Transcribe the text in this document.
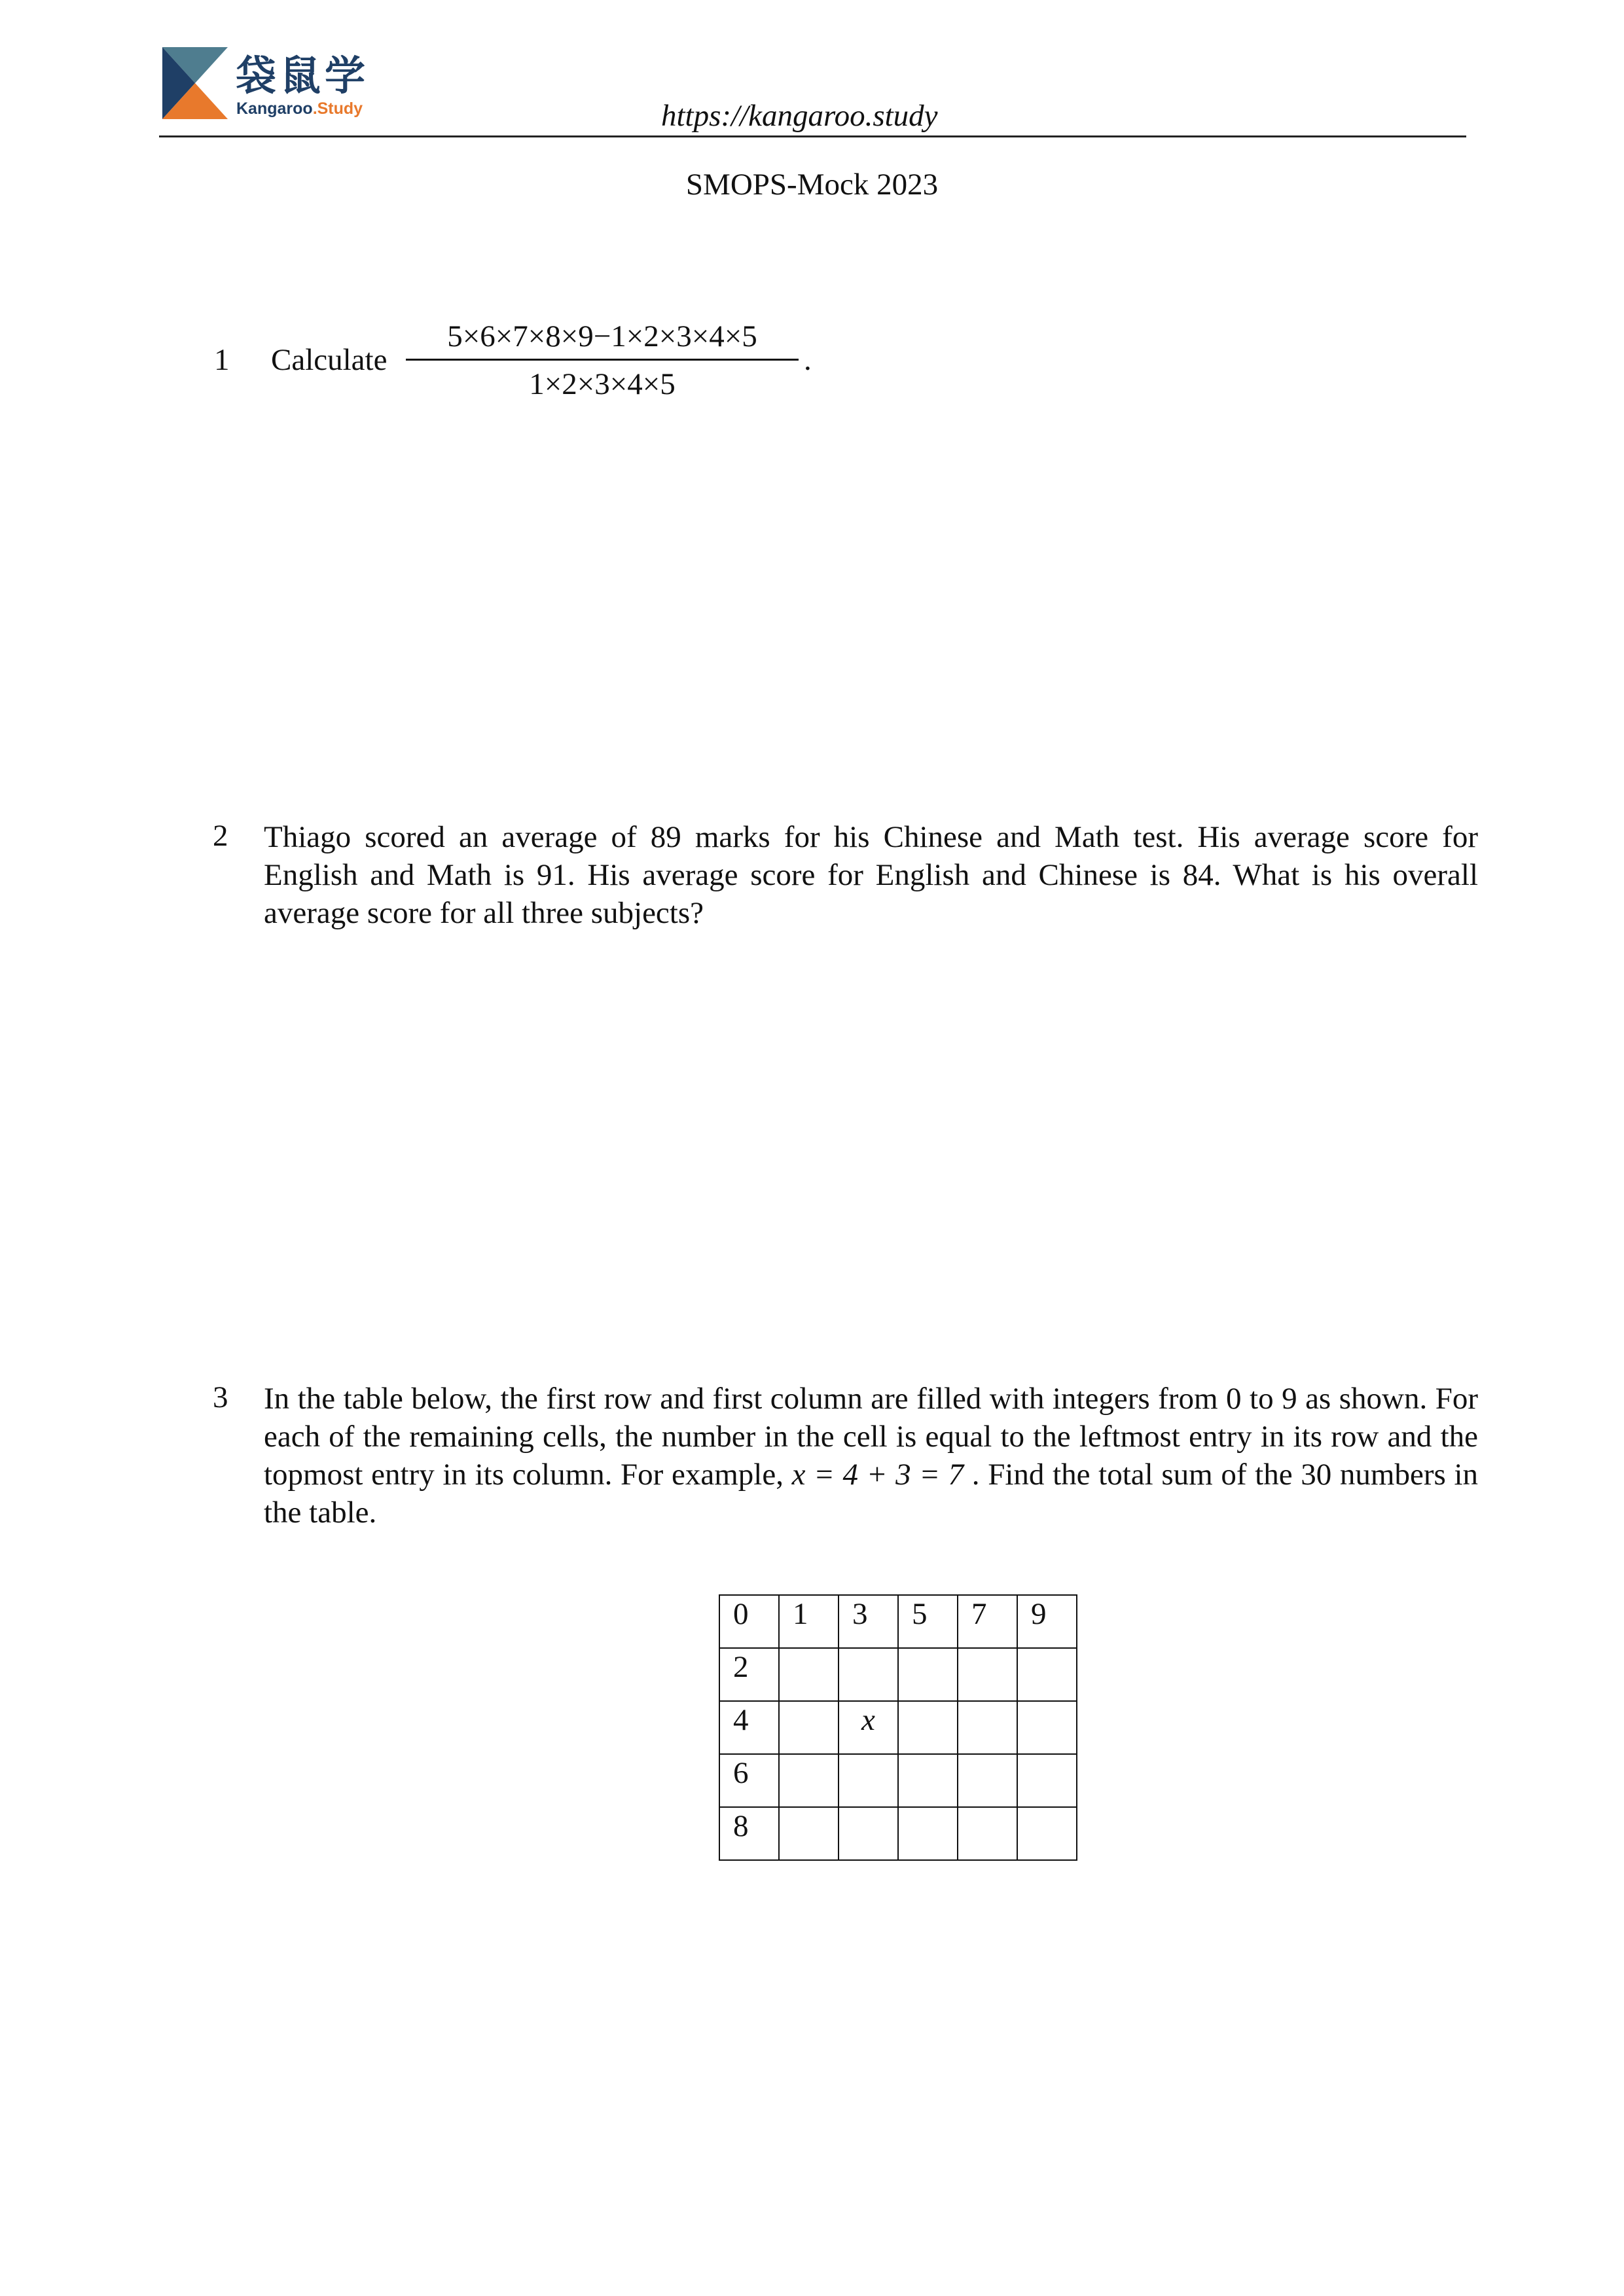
袋鼠学
Kangaroo.Study	https://kangaroo.study
SMOPS-Mock 2023
1 Calculate
5×6×7×8×9−1×2×3×4×5
1×2×3×4×5
.
2 Thiago scored an average of 89 marks for his Chinese and Math test. His average score for English and Math is 91. His average score for English and Chinese is 84. What is his overall average score for all three subjects?
3 In the table below, the first row and first column are filled with integers from 0 to 9 as shown. For each of the remaining cells, the number in the cell is equal to the leftmost entry in its row and the topmost entry in its column. For example, x = 4 + 3 = 7 . Find the total sum of the 30 numbers in the table.
0	1	3	5	7	9
2					
4		x			
6					
8					
